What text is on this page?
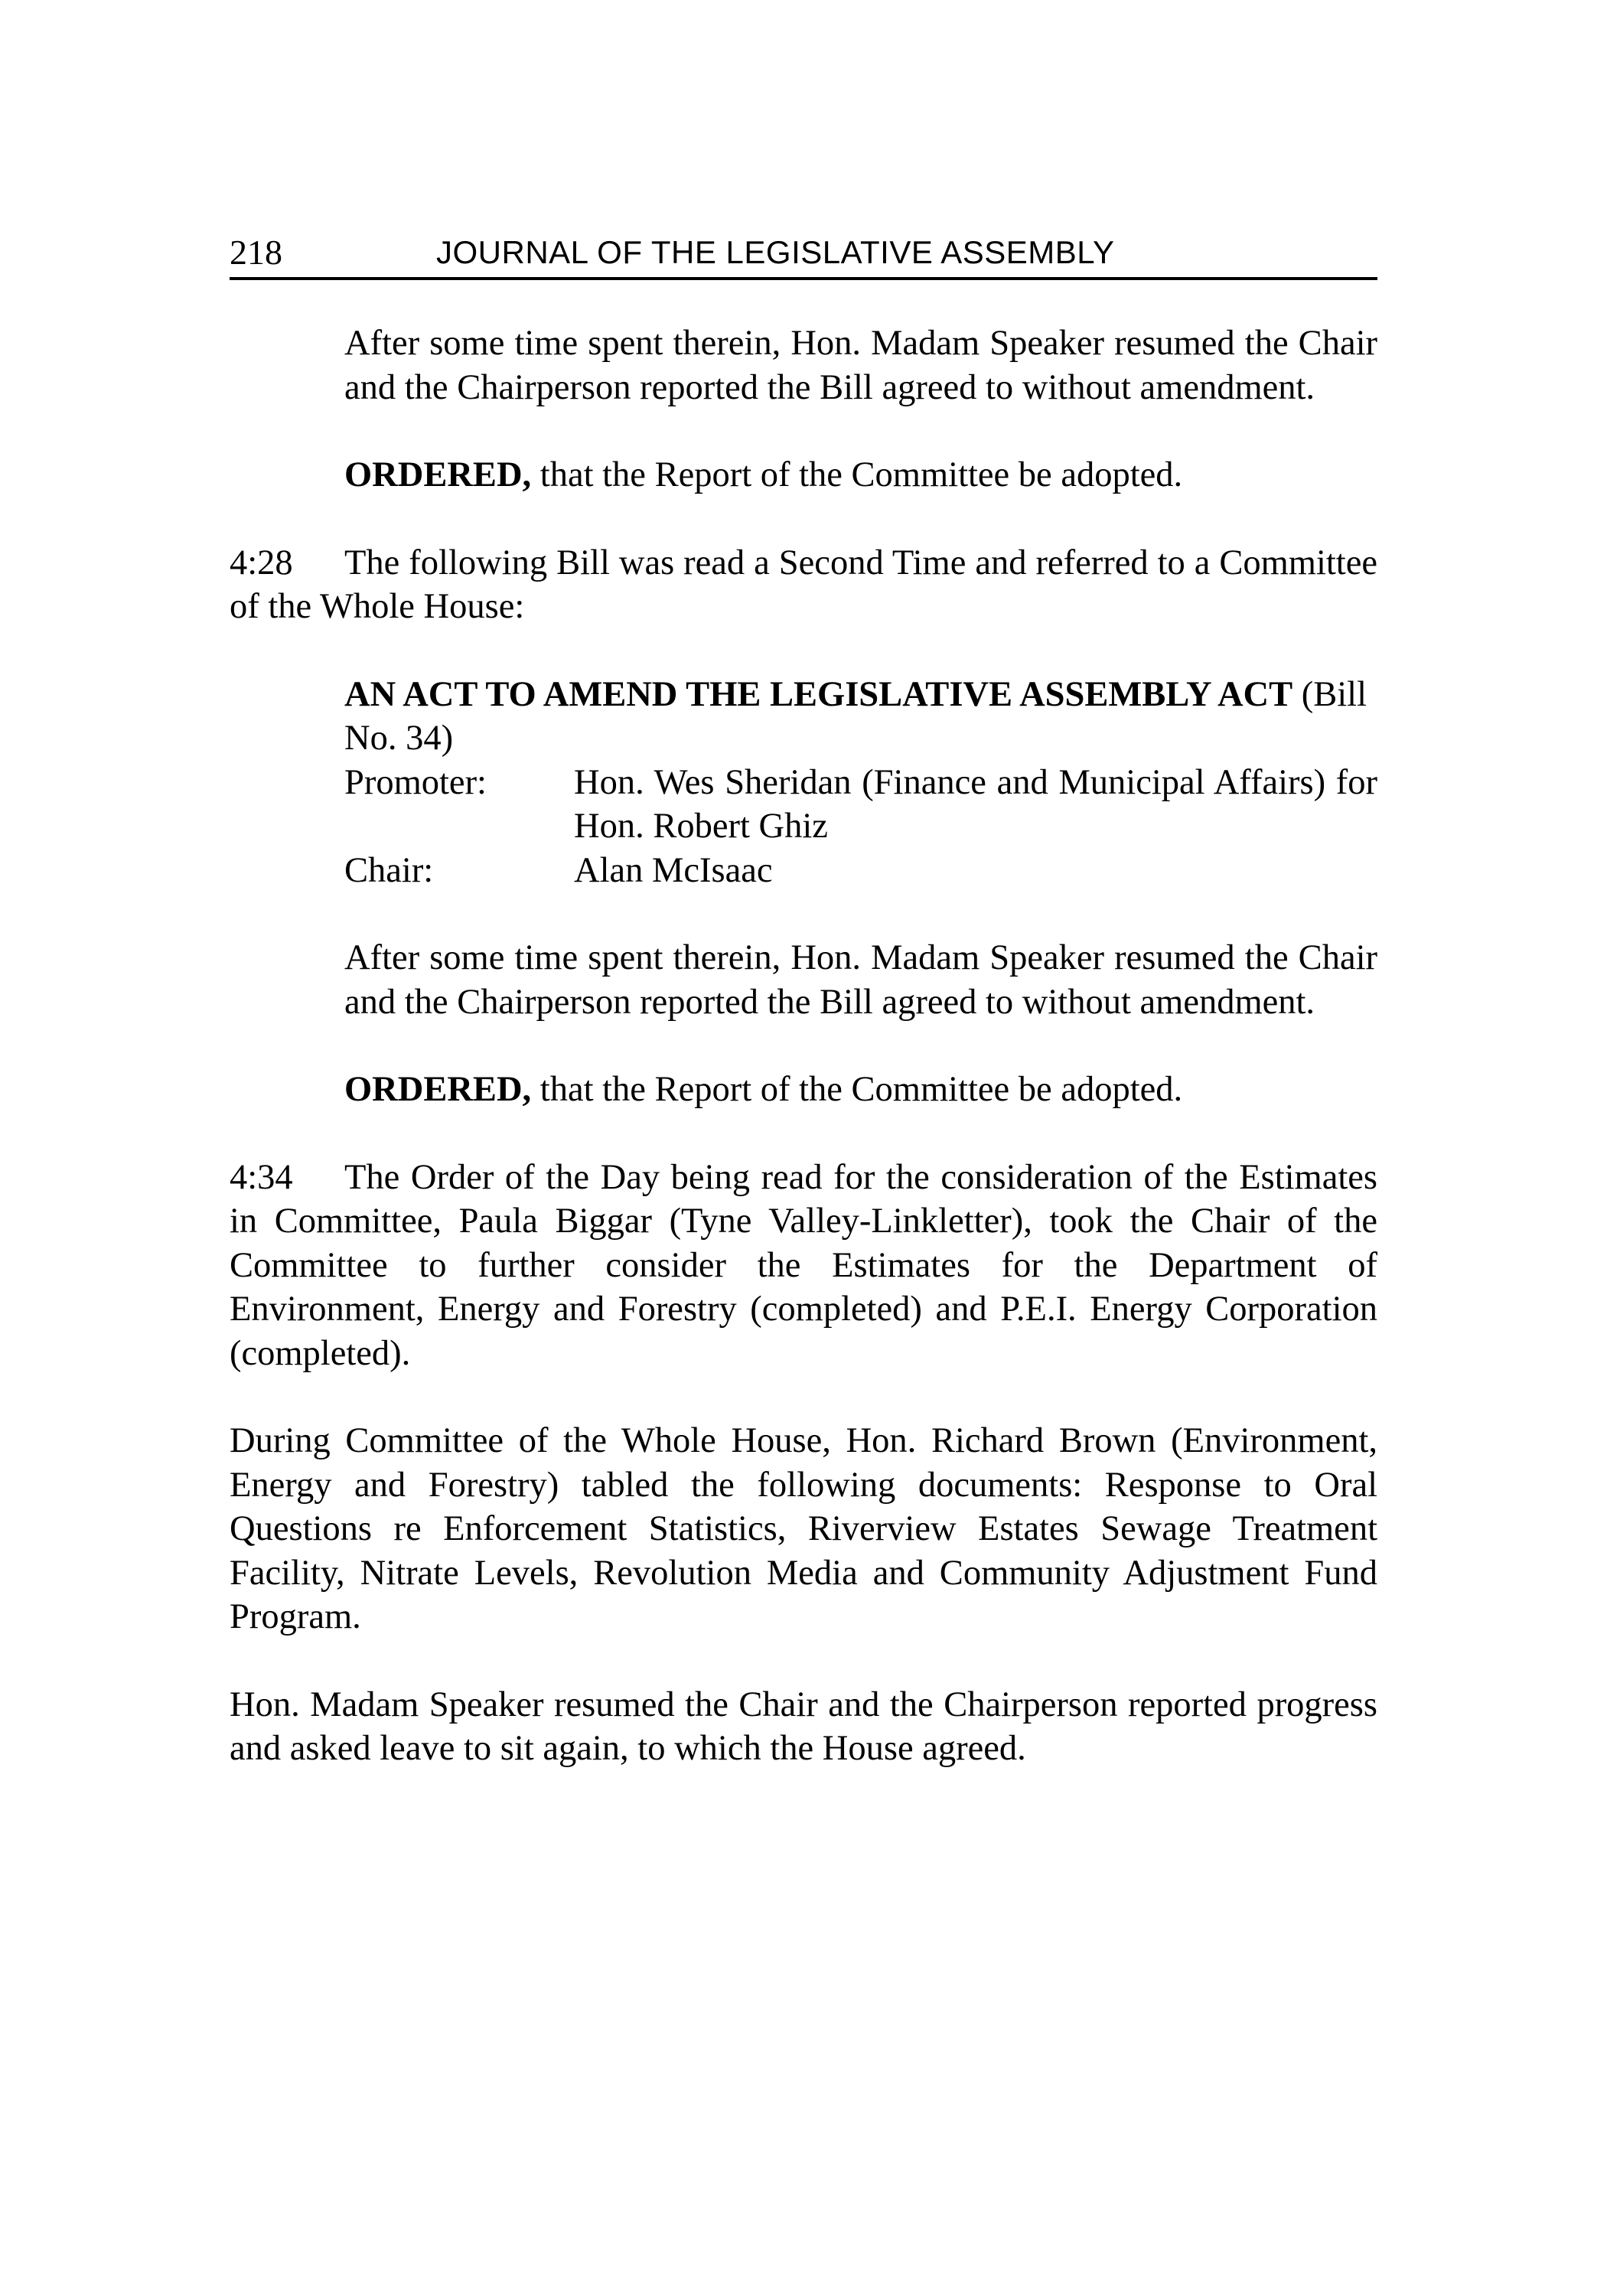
218	JOURNAL OF THE LEGISLATIVE ASSEMBLY

After some time spent therein, Hon. Madam Speaker resumed the Chair and the Chairperson reported the Bill agreed to without amendment.

ORDERED, that the Report of the Committee be adopted.

4:28 The following Bill was read a Second Time and referred to a Committee of the Whole House:

AN ACT TO AMEND THE LEGISLATIVE ASSEMBLY ACT (Bill No. 34)

Promoter:	Hon. Wes Sheridan (Finance and Municipal Affairs) for Hon. Robert Ghiz
Chair:	Alan McIsaac

After some time spent therein, Hon. Madam Speaker resumed the Chair and the Chairperson reported the Bill agreed to without amendment.

ORDERED, that the Report of the Committee be adopted.

4:34 The Order of the Day being read for the consideration of the Estimates in Committee, Paula Biggar (Tyne Valley-Linkletter), took the Chair of the Committee to further consider the Estimates for the Department of Environment, Energy and Forestry (completed) and P.E.I. Energy Corporation (completed).

During Committee of the Whole House, Hon. Richard Brown (Environment, Energy and Forestry) tabled the following documents: Response to Oral Questions re Enforcement Statistics, Riverview Estates Sewage Treatment Facility, Nitrate Levels, Revolution Media and Community Adjustment Fund Program.

Hon. Madam Speaker resumed the Chair and the Chairperson reported progress and asked leave to sit again, to which the House agreed.
